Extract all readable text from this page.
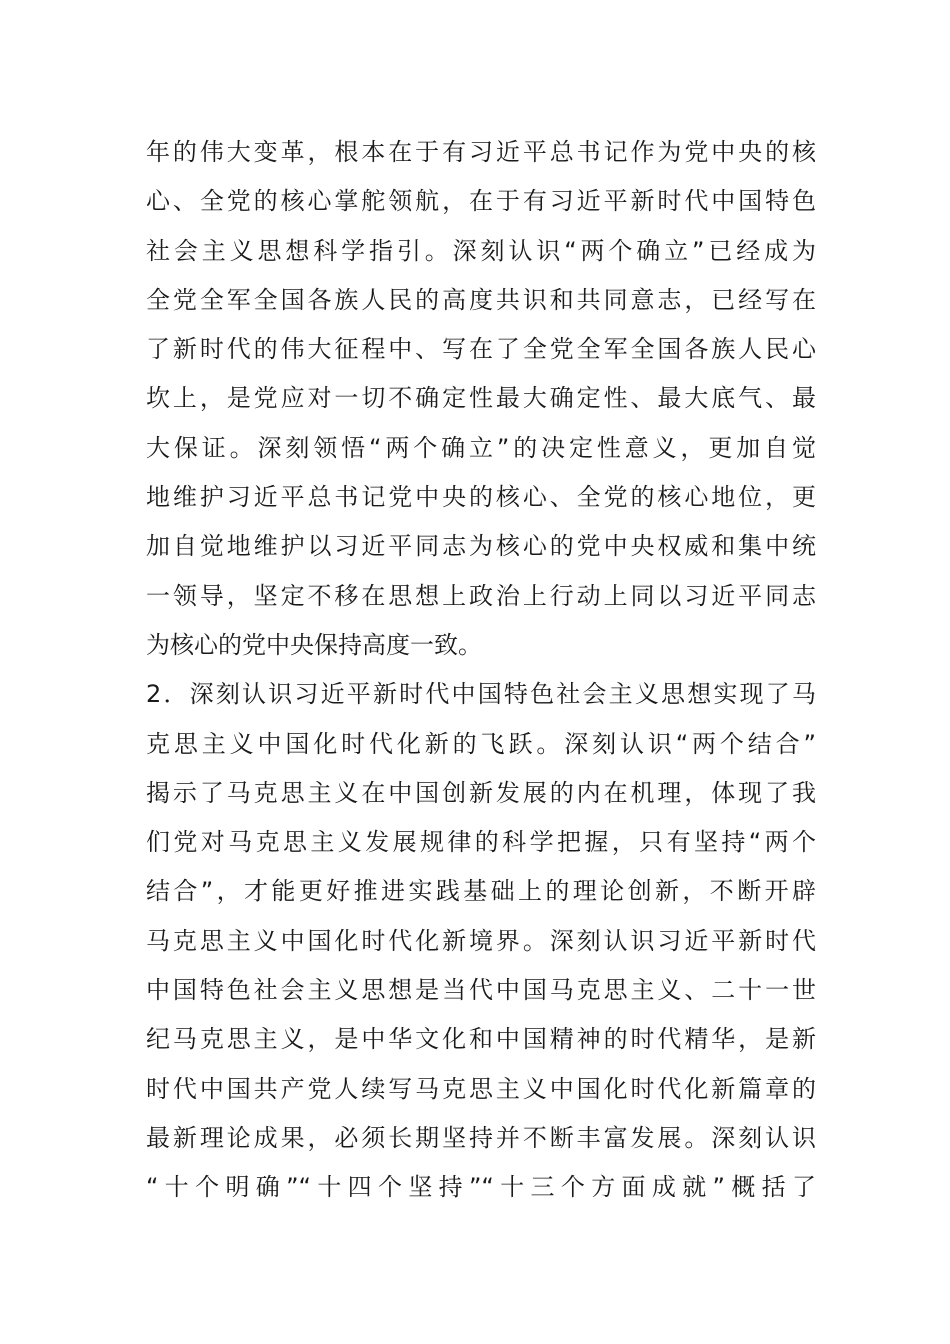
年的伟大变革，根本在于有习近平总书记作为党中央的核
心、全党的核心掌舵领航，在于有习近平新时代中国特色
社会主义思想科学指引。深刻认识“两个确立”已经成为
全党全军全国各族人民的高度共识和共同意志，已经写在
了新时代的伟大征程中、写在了全党全军全国各族人民心
坎上，是党应对一切不确定性最大确定性、最大底气、最
大保证。深刻领悟“两个确立”的决定性意义，更加自觉
地维护习近平总书记党中央的核心、全党的核心地位，更
加自觉地维护以习近平同志为核心的党中央权威和集中统
一领导，坚定不移在思想上政治上行动上同以习近平同志
为核心的党中央保持高度一致。
2．深刻认识习近平新时代中国特色社会主义思想实现了马
克思主义中国化时代化新的飞跃。深刻认识“两个结合”
揭示了马克思主义在中国创新发展的内在机理，体现了我
们党对马克思主义发展规律的科学把握，只有坚持“两个
结合”，才能更好推进实践基础上的理论创新，不断开辟
马克思主义中国化时代化新境界。深刻认识习近平新时代
中国特色社会主义思想是当代中国马克思主义、二十一世
纪马克思主义，是中华文化和中国精神的时代精华，是新
时代中国共产党人续写马克思主义中国化时代化新篇章的
最新理论成果，必须长期坚持并不断丰富发展。深刻认识
“十个明确”“十四个坚持”“十三个方面成就”概括了
